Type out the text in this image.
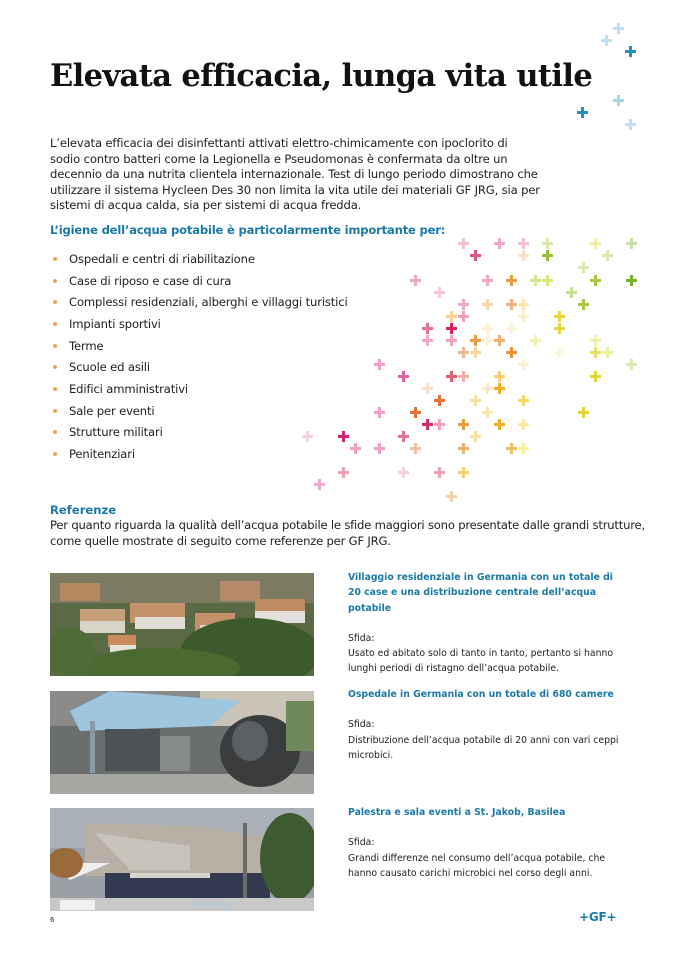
Elevata efficacia, lunga vita utile

L’elevata efficacia dei disinfettanti attivati elettro-chimicamente con ipoclorito di sodio contro batteri come la Legionella e Pseudomonas è confermata da oltre un decennio da una nutrita clientela internazionale. Test di lungo periodo dimostrano che utilizzare il sistema Hycleen Des 30 non limita la vita utile dei materiali GF JRG, sia per sistemi di acqua calda, sia per sistemi di acqua fredda.

L’igiene dell’acqua potabile è particolarmente importante per:
Ospedali e centri di riabilitazione
Case di riposo e case di cura
Complessi residenziali, alberghi e villaggi turistici
Impianti sportivi
Terme
Scuole ed asili
Edifici amministrativi
Sale per eventi
Strutture militari
Penitenziari
Referenze

Per quanto riguarda la qualità dell’acqua potabile le sfide maggiori sono presentate dalle grandi strutture, come quelle mostrate di seguito come referenze per GF JRG.

Villaggio residenziale in Germania con un totale di 20 case e una distribuzione centrale dell’acqua potabile
Sfida:
Usato ed abitato solo di tanto in tanto, pertanto si hanno lunghi periodi di ristagno dell’acqua potabile.
Ospedale in Germania con un totale di 680 camere
Sfida:
Distribuzione dell’acqua potabile di 20 anni con vari ceppi microbici.
Palestra e sala eventi a St. Jakob, Basilea
Sfida:
Grandi differenze nel consumo dell’acqua potabile, che hanno causato carichi microbici nel corso degli anni.
6	+GF+
